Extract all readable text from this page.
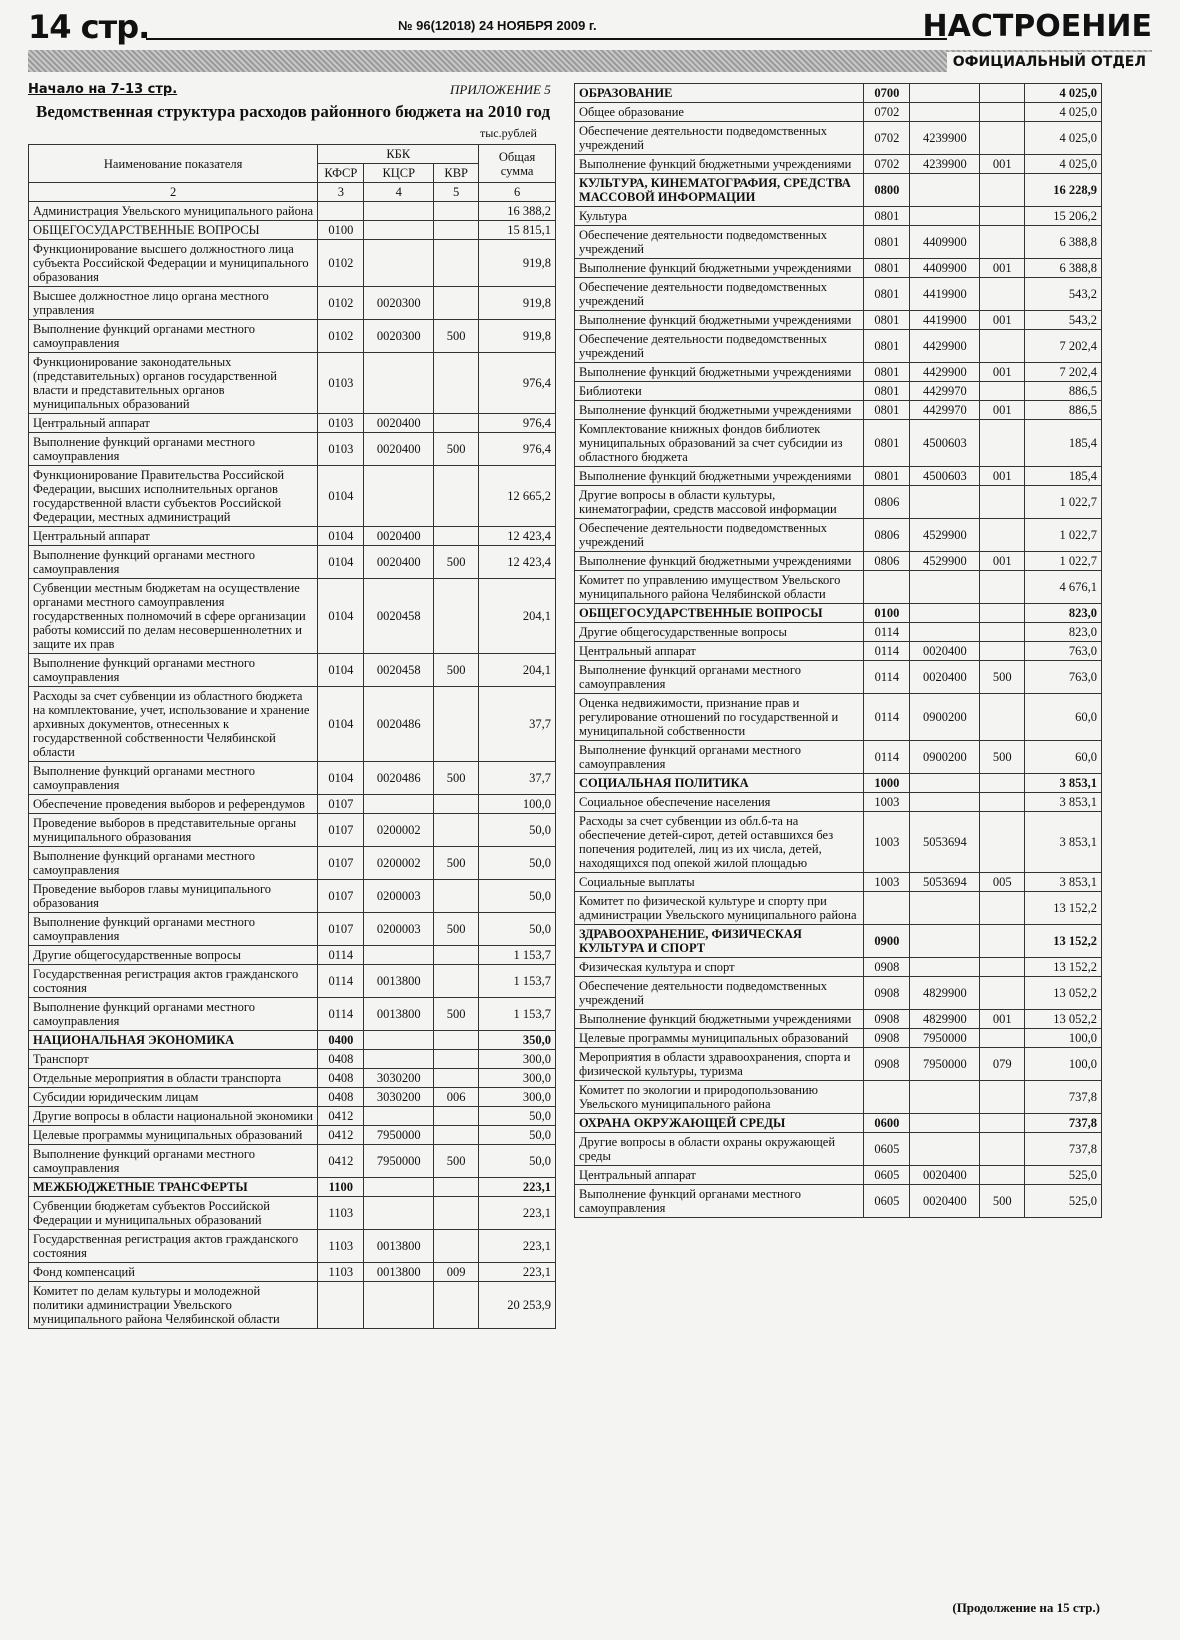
14 стр.	№ 96(12018) 24 НОЯБРЯ 2009 г.	НАСТРОЕНИЕ
ОФИЦИАЛЬНЫЙ ОТДЕЛ
Начало на 7-13 стр.	ПРИЛОЖЕНИЕ 5
Ведомственная структура расходов районного бюджета на 2010 год
тыс.рублей
Наименование показателя	КБК			Общая сумма
	КФСР	КЦСР	КВР	
2	3	4	5	6
Администрация Увельского муниципального района				16 388,2
ОБЩЕГОСУДАРСТВЕННЫЕ ВОПРОСЫ	0100			15 815,1
Функционирование высшего должностного лица субъекта Российской Федерации и муниципального образования	0102			919,8
Высшее должностное лицо органа местного управления	0102	0020300		919,8
Выполнение функций органами местного самоуправления	0102	0020300	500	919,8
Функционирование законодательных (представительных) органов государственной власти и представительных органов муниципальных образований	0103			976,4
Центральный аппарат	0103	0020400		976,4
Выполнение функций органами местного самоуправления	0103	0020400	500	976,4
Функционирование Правительства Российской Федерации, высших исполнительных органов государственной власти субъектов Российской Федерации, местных администраций	0104			12 665,2
Центральный аппарат	0104	0020400		12 423,4
Выполнение функций органами местного самоуправления	0104	0020400	500	12 423,4
Субвенции местным бюджетам на осуществление органами местного самоуправления государственных полномочий в сфере организации работы комиссий по делам несовершеннолетних и защите их прав	0104	0020458		204,1
Выполнение функций органами местного самоуправления	0104	0020458	500	204,1
Расходы за счет субвенции из областного бюджета на комплектование, учет, использование и хранение архивных документов, отнесенных к государственной собственности Челябинской области	0104	0020486		37,7
Выполнение функций органами местного самоуправления	0104	0020486	500	37,7
Обеспечение проведения выборов и референдумов	0107			100,0
Проведение выборов в представительные органы муниципального образования	0107	0200002		50,0
Выполнение функций органами местного самоуправления	0107	0200002	500	50,0
Проведение выборов главы муниципального образования	0107	0200003		50,0
Выполнение функций органами местного самоуправления	0107	0200003	500	50,0
Другие общегосударственные вопросы	0114			1 153,7
Государственная регистрация актов гражданского состояния	0114	0013800		1 153,7
Выполнение функций органами местного самоуправления	0114	0013800	500	1 153,7
НАЦИОНАЛЬНАЯ ЭКОНОМИКА	0400			350,0
Транспорт	0408			300,0
Отдельные мероприятия в области транспорта	0408	3030200		300,0
Субсидии юридическим лицам	0408	3030200	006	300,0
Другие вопросы в области национальной экономики	0412			50,0
Целевые программы муниципальных образований	0412	7950000		50,0
Выполнение функций органами местного самоуправления	0412	7950000	500	50,0
МЕЖБЮДЖЕТНЫЕ ТРАНСФЕРТЫ	1100			223,1
Субвенции бюджетам субъектов Российской Федерации и муниципальных образований	1103			223,1
Государственная регистрация актов гражданского состояния	1103	0013800		223,1
Фонд компенсаций	1103	0013800	009	223,1
Комитет по делам культуры и молодежной политики администрации Увельского муниципального района Челябинской области				20 253,9
ОБРАЗОВАНИЕ	0700			4 025,0
Общее образование	0702			4 025,0
Обеспечение деятельности подведомственных учреждений	0702	4239900		4 025,0
Выполнение функций бюджетными учреждениями	0702	4239900	001	4 025,0
КУЛЬТУРА, КИНЕМАТОГРАФИЯ, СРЕДСТВА МАССОВОЙ ИНФОРМАЦИИ	0800			16 228,9
Культура	0801			15 206,2
Обеспечение деятельности подведомственных учреждений	0801	4409900		6 388,8
Выполнение функций бюджетными учреждениями	0801	4409900	001	6 388,8
Обеспечение деятельности подведомственных учреждений	0801	4419900		543,2
Выполнение функций бюджетными учреждениями	0801	4419900	001	543,2
Обеспечение деятельности подведомственных учреждений	0801	4429900		7 202,4
Выполнение функций бюджетными учреждениями	0801	4429900	001	7 202,4
Библиотеки	0801	4429970		886,5
Выполнение функций бюджетными учреждениями	0801	4429970	001	886,5
Комплектование книжных фондов библиотек муниципальных образований за счет субсидии из областного бюджета	0801	4500603		185,4
Выполнение функций бюджетными учреждениями	0801	4500603	001	185,4
Другие вопросы в области культуры, кинематографии, средств массовой информации	0806			1 022,7
Обеспечение деятельности подведомственных учреждений	0806	4529900		1 022,7
Выполнение функций бюджетными учреждениями	0806	4529900	001	1 022,7
Комитет по управлению имуществом Увельского муниципального района Челябинской области				4 676,1
ОБЩЕГОСУДАРСТВЕННЫЕ ВОПРОСЫ	0100			823,0
Другие общегосударственные вопросы	0114			823,0
Центральный аппарат	0114	0020400		763,0
Выполнение функций органами местного самоуправления	0114	0020400	500	763,0
Оценка недвижимости, признание прав и регулирование отношений по государственной и муниципальной собственности	0114	0900200		60,0
Выполнение функций органами местного самоуправления	0114	0900200	500	60,0
СОЦИАЛЬНАЯ ПОЛИТИКА	1000			3 853,1
Социальное обеспечение населения	1003			3 853,1
Расходы за счет субвенции из обл.б-та на обеспечение детей-сирот, детей оставшихся без попечения родителей, лиц из их числа, детей, находящихся под опекой жилой площадью	1003	5053694		3 853,1
Социальные выплаты	1003	5053694	005	3 853,1
Комитет по физической культуре и спорту при администрации Увельского муниципального района				13 152,2
ЗДРАВООХРАНЕНИЕ, ФИЗИЧЕСКАЯ КУЛЬТУРА И СПОРТ	0900			13 152,2
Физическая культура и спорт	0908			13 152,2
Обеспечение деятельности подведомственных учреждений	0908	4829900		13 052,2
Выполнение функций бюджетными учреждениями	0908	4829900	001	13 052,2
Целевые программы муниципальных образований	0908	7950000		100,0
Мероприятия в области здравоохранения, спорта и физической культуры, туризма	0908	7950000	079	100,0
Комитет по экологии и природопользованию Увельского муниципального района				737,8
ОХРАНА ОКРУЖАЮЩЕЙ СРЕДЫ	0600			737,8
Другие вопросы в области охраны окружающей среды	0605			737,8
Центральный аппарат	0605	0020400		525,0
Выполнение функций органами местного самоуправления	0605	0020400	500	525,0
(Продолжение на 15 стр.)
